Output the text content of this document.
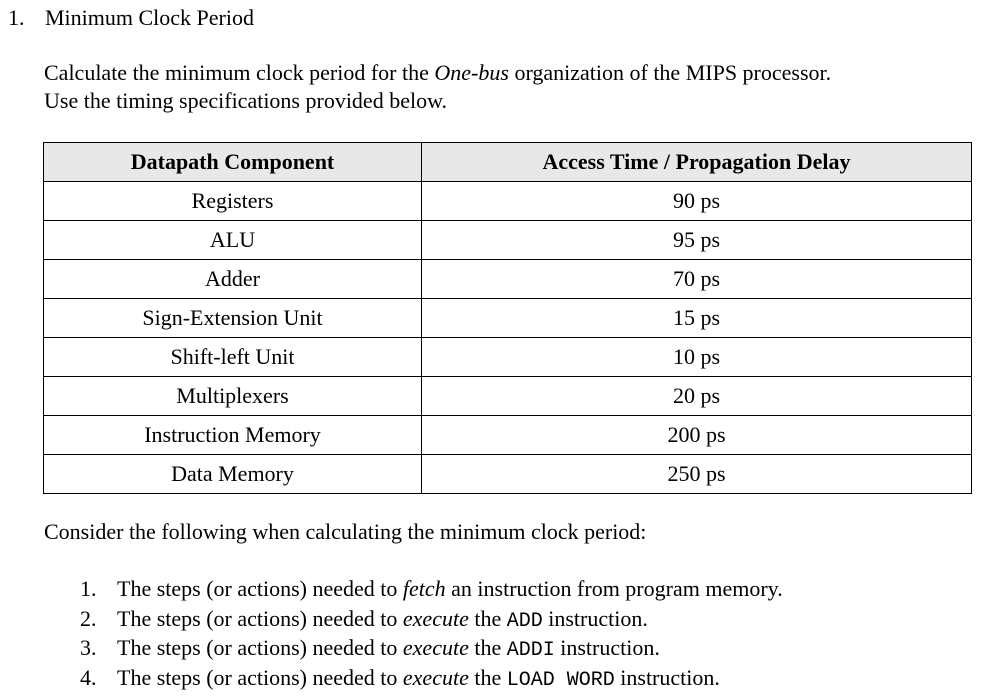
1. Minimum Clock Period

Calculate the minimum clock period for the One-bus organization of the MIPS processor.

Use the timing specifications provided below.

Datapath Component	Access Time / Propagation Delay
Registers	90 ps
ALU	95 ps
Adder	70 ps
Sign-Extension Unit	15 ps
Shift-left Unit	10 ps
Multiplexers	20 ps
Instruction Memory	200 ps
Data Memory	250 ps
Consider the following when calculating the minimum clock period:
1. The steps (or actions) needed to fetch an instruction from program memory.
2. The steps (or actions) needed to execute the ADD instruction.
3. The steps (or actions) needed to execute the ADDI instruction.
4. The steps (or actions) needed to execute the LOAD WORD instruction.
